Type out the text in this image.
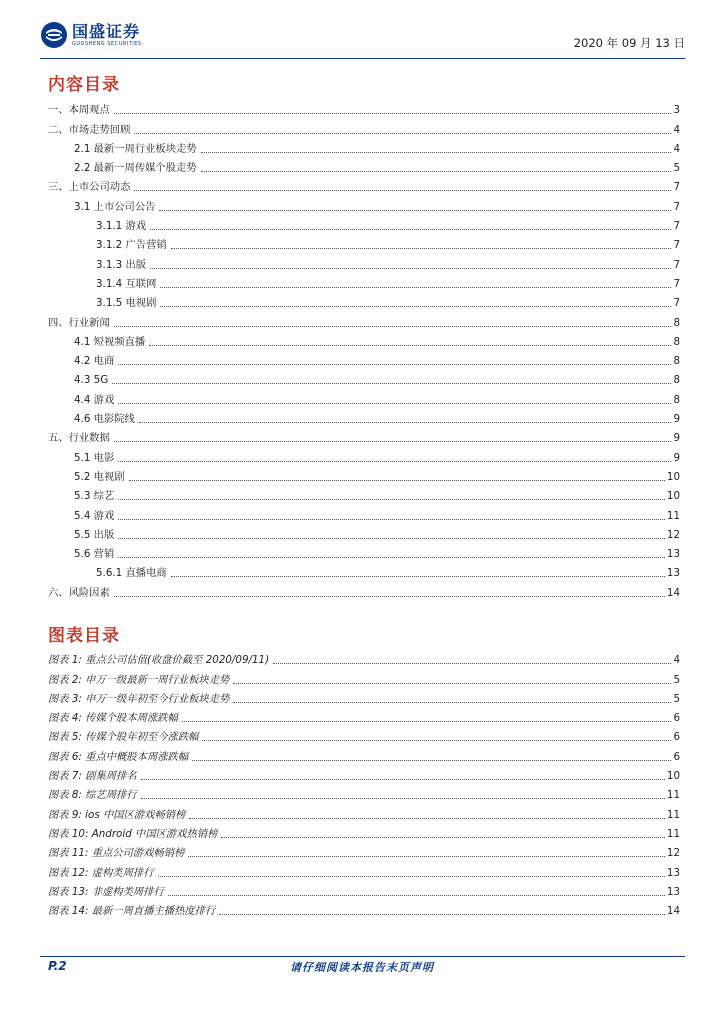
国盛证券
GUOSHENG SECURITIES	2020 年 09 月 13 日
内容目录
一、本周观点	3
二、市场走势回顾	4
2.1 最新一周行业板块走势	4
2.2 最新一周传媒个股走势	5
三、上市公司动态	7
3.1 上市公司公告	7
3.1.1 游戏	7
3.1.2 广告营销	7
3.1.3 出版	7
3.1.4 互联网	7
3.1.5 电视剧	7
四、行业新闻	8
4.1 短视频直播	8
4.2 电商	8
4.3 5G	8
4.4 游戏	8
4.6 电影院线	9
五、行业数据	9
5.1 电影	9
5.2 电视剧	10
5.3 综艺	10
5.4 游戏	11
5.5 出版	12
5.6 营销	13
5.6.1 直播电商	13
六、风险因素	14
图表目录
图表 1: 重点公司估值(收盘价截至 2020/09/11)	4
图表 2: 申万一级最新一周行业板块走势	5
图表 3: 申万一级年初至今行业板块走势	5
图表 4: 传媒个股本周涨跌幅	6
图表 5: 传媒个股年初至今涨跌幅	6
图表 6: 重点中概股本周涨跌幅	6
图表 7: 剧集周排名	10
图表 8: 综艺周排行	11
图表 9: ios 中国区游戏畅销榜	11
图表 10: Android 中国区游戏热销榜	11
图表 11: 重点公司游戏畅销榜	12
图表 12: 虚构类周排行	13
图表 13: 非虚构类周排行	13
图表 14: 最新一周直播主播热度排行	14
P.2	请仔细阅读本报告末页声明
